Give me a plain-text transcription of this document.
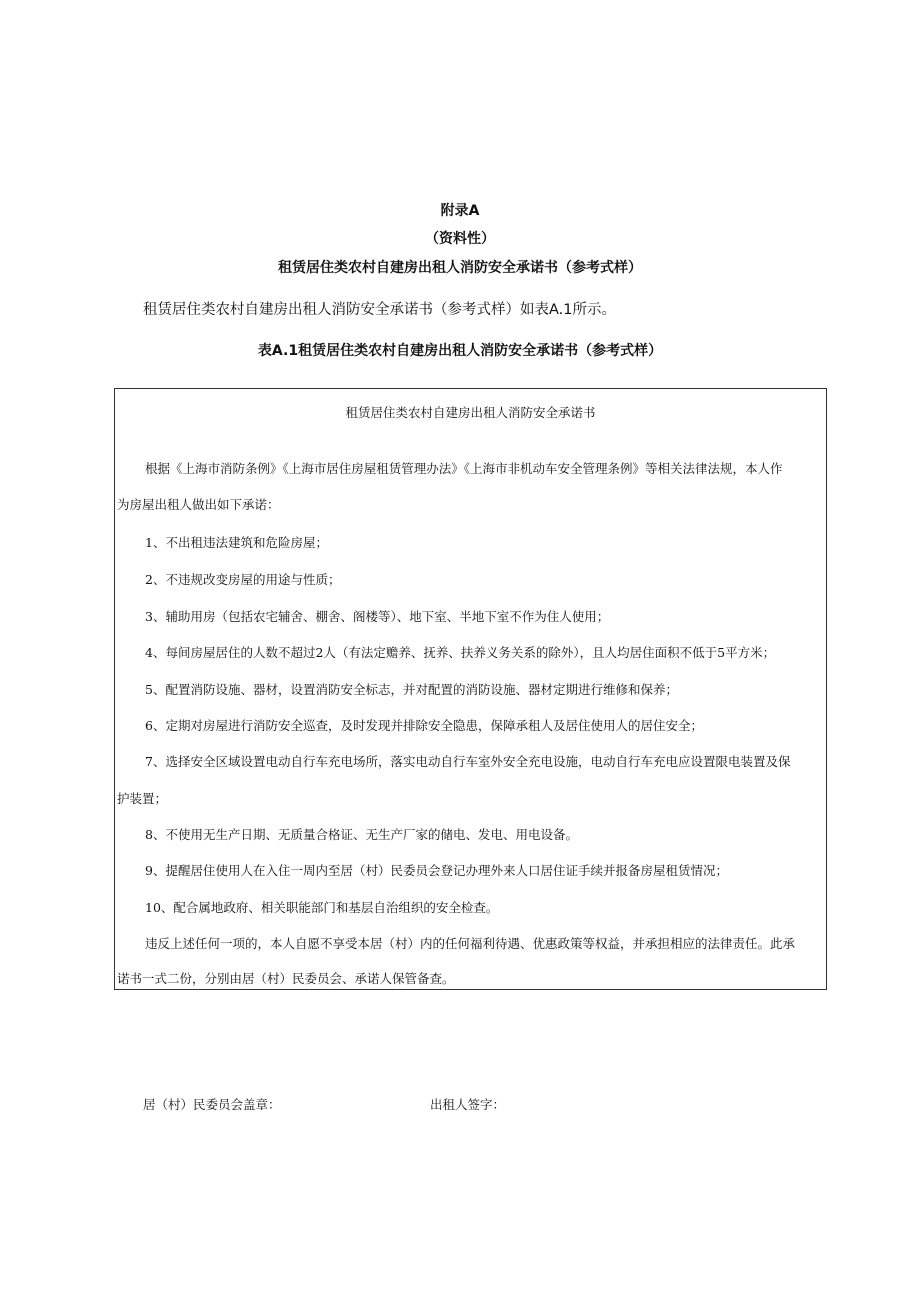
附录A
（资料性）
租赁居住类农村自建房出租人消防安全承诺书（参考式样）
租赁居住类农村自建房出租人消防安全承诺书（参考式样）如表A.1所示。
表A.1租赁居住类农村自建房出租人消防安全承诺书（参考式样）
租赁居住类农村自建房出租人消防安全承诺书
根据《上海市消防条例》《上海市居住房屋租赁管理办法》《上海市非机动车安全管理条例》等相关法律法规，本人作
为房屋出租人做出如下承诺：
1、不出租违法建筑和危险房屋；
2、不违规改变房屋的用途与性质；
3、辅助用房（包括农宅辅舍、棚舍、阁楼等）、地下室、半地下室不作为住人使用；
4、每间房屋居住的人数不超过2人（有法定赡养、抚养、扶养义务关系的除外），且人均居住面积不低于5平方米；
5、配置消防设施、器材，设置消防安全标志，并对配置的消防设施、器材定期进行维修和保养；
6、定期对房屋进行消防安全巡查，及时发现并排除安全隐患，保障承租人及居住使用人的居住安全；
7、选择安全区域设置电动自行车充电场所，落实电动自行车室外安全充电设施，电动自行车充电应设置限电装置及保
护装置；
8、不使用无生产日期、无质量合格证、无生产厂家的储电、发电、用电设备。
9、提醒居住使用人在入住一周内至居（村）民委员会登记办理外来人口居住证手续并报备房屋租赁情况；
10、配合属地政府、相关职能部门和基层自治组织的安全检查。
违反上述任何一项的，本人自愿不享受本居（村）内的任何福利待遇、优惠政策等权益，并承担相应的法律责任。此承
诺书一式二份，分别由居（村）民委员会、承诺人保管备查。
居（村）民委员会盖章：	出租人签字：
